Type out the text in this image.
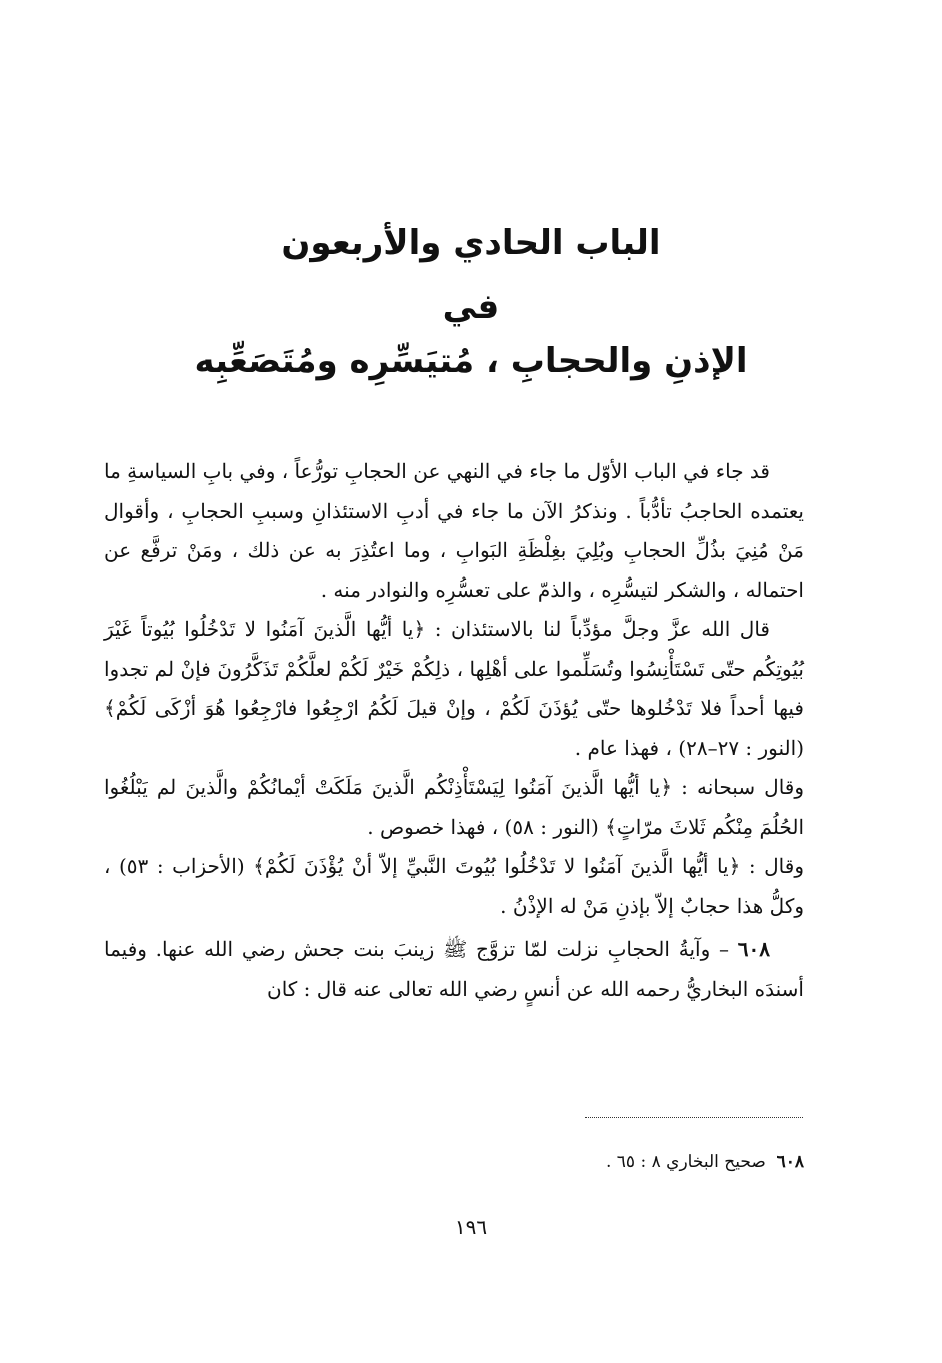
الباب الحادي والأربعون
في
الإذنِ والحجابِ ، مُتيَسِّرِه ومُتَصَعِّبِه

قد جاء في الباب الأوّل ما جاء في النهي عن الحجابِ تورُّعاً ، وفي بابِ السياسةِ ما يعتمده الحاجبُ تأدُّباً . ونذكرُ الآن ما جاء في أدبِ الاستئذانِ وسببِ الحجابِ ، وأقوال مَنْ مُنِيَ بذُلِّ الحجابِ وبُلِيَ بغِلْظَةِ البَوابِ ، وما اعتُذِرَ به عن ذلك ، ومَنْ ترفَّع عن احتماله ، والشكر لتيسُّرِه ، والذمّ على تعسُّرِه والنوادر منه .

قال الله عزَّ وجلَّ مؤدِّباً لنا بالاستئذان : ﴿يا أيُّها الَّذينَ آمَنُوا لا تَدْخُلُوا بُيُوتاً غَيْرَ بُيُوتِكُم حتّى تَسْتَأْنِسُوا وتُسَلِّموا على أهْلِها ، ذلِكُمْ خَيْرٌ لَكُمْ لعلَّكُمْ تَذَكَّرُونَ فإنْ لم تجدوا فيها أحداً فلا تَدْخُلوها حتّى يُؤذَنَ لَكُمْ ، وإنْ قيلَ لَكُمُ ارْجِعُوا فارْجِعُوا هُوَ أزْكَى لَكُمْ﴾ (النور : ٢٧–٢٨) ، فهذا عام .

وقال سبحانه : ﴿يا أيُّها الَّذينَ آمَنُوا لِيَسْتَأْذِنْكُم الَّذينَ مَلَكَتْ أيْمانُكُمْ والَّذينَ لم يَبْلُغُوا الحُلُمَ مِنْكُم ثَلاثَ مرّاتٍ﴾ (النور : ٥٨) ، فهذا خصوص .

وقال : ﴿يا أيُّها الَّذينَ آمَنُوا لا تَدْخُلُوا بُيُوتَ النَّبيِّ إلاّ أنْ يُؤْذَنَ لَكُمْ﴾ (الأحزاب : ٥٣) ، وكلُّ هذا حجابٌ إلاّ بإذنِ مَنْ له الإذْنُ .

٦٠٨ – وآيةُ الحجابِ نزلت لمّا تزوَّج ﷺ زينبَ بنت جحش رضي الله عنها. وفيما أسندَه البخاريُّ رحمه الله عن أنسٍ رضي الله تعالى عنه قال : كان

٦٠٨  صحيح البخاري ٨ : ٦٥ .
١٩٦
